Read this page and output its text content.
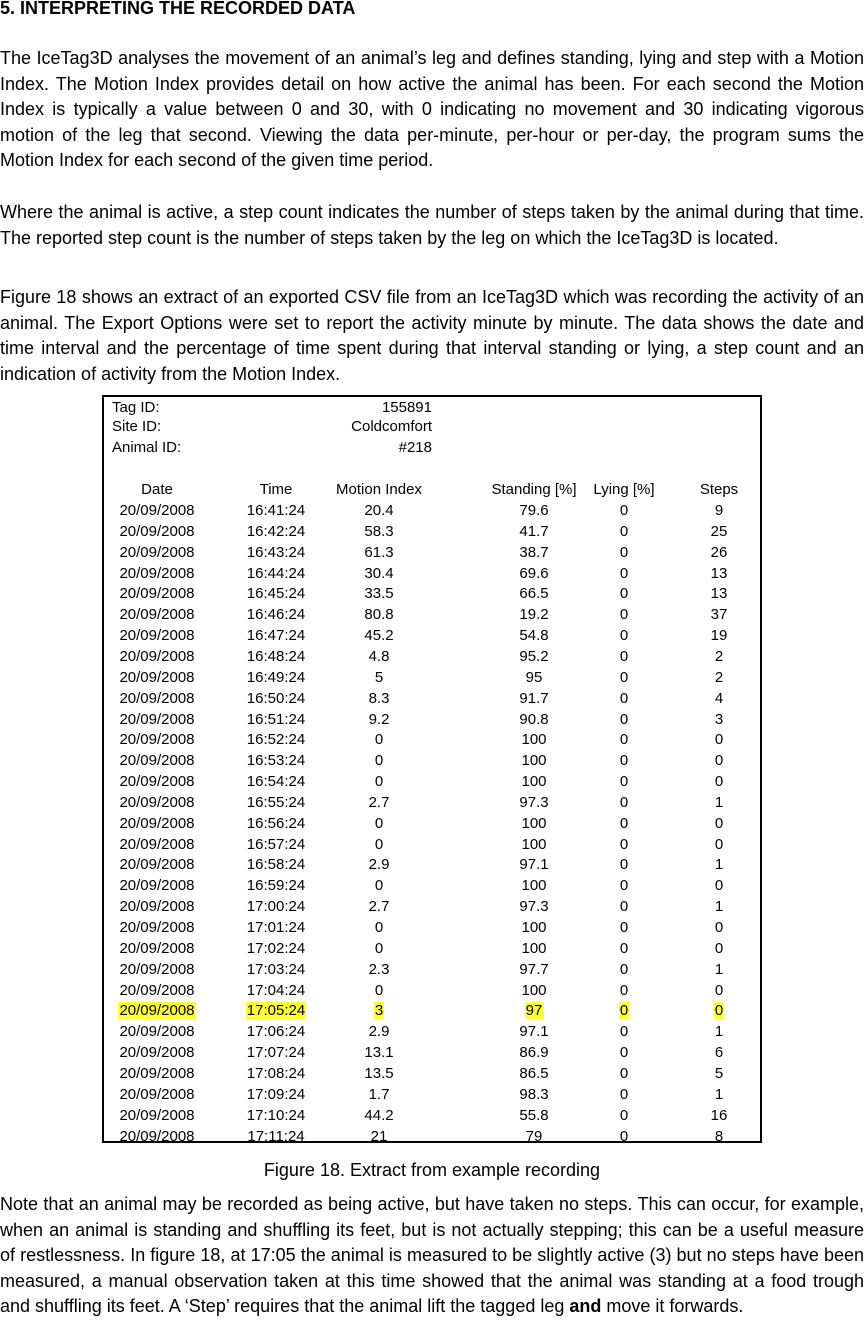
5. INTERPRETING THE RECORDED DATA

The IceTag3D analyses the movement of an animal’s leg and defines standing, lying and step with a Motion Index. The Motion Index provides detail on how active the animal has been. For each second the Motion Index is typically a value between 0 and 30, with 0 indicating no movement and 30 indicating vigorous motion of the leg that second. Viewing the data per-minute, per-hour or per-day, the program sums the Motion Index for each second of the given time period.

Where the animal is active, a step count indicates the number of steps taken by the animal during that time. The reported step count is the number of steps taken by the leg on which the IceTag3D is located.

Figure 18 shows an extract of an exported CSV file from an IceTag3D which was recording the activity of an animal. The Export Options were set to report the activity minute by minute. The data shows the date and time interval and the percentage of time spent during that interval standing or lying, a step count and an indication of activity from the Motion Index.

Tag ID:	155891
Site ID:	Coldcomfort
Animal ID:	#218
Date	Time	Motion Index	Standing [%]	Lying [%]	Steps
20/09/2008	16:41:24	20.4	79.6	0	9
20/09/2008	16:42:24	58.3	41.7	0	25
20/09/2008	16:43:24	61.3	38.7	0	26
20/09/2008	16:44:24	30.4	69.6	0	13
20/09/2008	16:45:24	33.5	66.5	0	13
20/09/2008	16:46:24	80.8	19.2	0	37
20/09/2008	16:47:24	45.2	54.8	0	19
20/09/2008	16:48:24	4.8	95.2	0	2
20/09/2008	16:49:24	5	95	0	2
20/09/2008	16:50:24	8.3	91.7	0	4
20/09/2008	16:51:24	9.2	90.8	0	3
20/09/2008	16:52:24	0	100	0	0
20/09/2008	16:53:24	0	100	0	0
20/09/2008	16:54:24	0	100	0	0
20/09/2008	16:55:24	2.7	97.3	0	1
20/09/2008	16:56:24	0	100	0	0
20/09/2008	16:57:24	0	100	0	0
20/09/2008	16:58:24	2.9	97.1	0	1
20/09/2008	16:59:24	0	100	0	0
20/09/2008	17:00:24	2.7	97.3	0	1
20/09/2008	17:01:24	0	100	0	0
20/09/2008	17:02:24	0	100	0	0
20/09/2008	17:03:24	2.3	97.7	0	1
20/09/2008	17:04:24	0	100	0	0
20/09/2008	17:05:24	3	97	0	0
20/09/2008	17:06:24	2.9	97.1	0	1
20/09/2008	17:07:24	13.1	86.9	0	6
20/09/2008	17:08:24	13.5	86.5	0	5
20/09/2008	17:09:24	1.7	98.3	0	1
20/09/2008	17:10:24	44.2	55.8	0	16
20/09/2008	17:11:24	21	79	0	8
Figure 18. Extract from example recording

Note that an animal may be recorded as being active, but have taken no steps. This can occur, for example, when an animal is standing and shuffling its feet, but is not actually stepping; this can be a useful measure of restlessness. In figure 18, at 17:05 the animal is measured to be slightly active (3) but no steps have been measured, a manual observation taken at this time showed that the animal was standing at a food trough and shuffling its feet. A ‘Step’ requires that the animal lift the tagged leg and move it forwards.
